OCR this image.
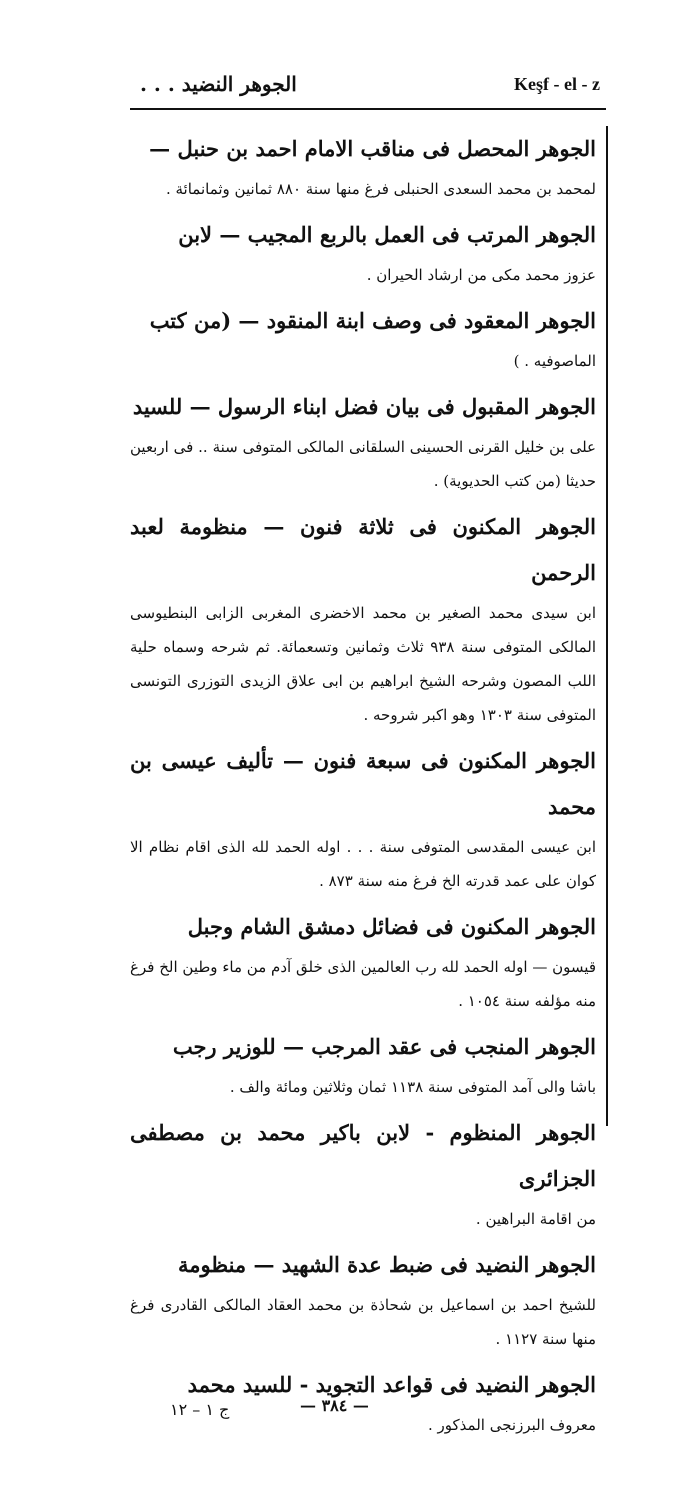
الجوهر النضيد . . .	Keşf - el - z
الجوهر المحصل فى مناقب الامام احمد بن حنبل —
لمحمد بن محمد السعدى الحنبلى فرغ منها سنة ٨٨٠ ثمانين وثمانمائة .
الجوهر المرتب فى العمل بالربع المجيب — لابن
عزوز محمد مكى من ارشاد الحيران .
الجوهر المعقود فى وصف ابنة المنقود — (من كتب
الماصوفيه . )
الجوهر المقبول فى بيان فضل ابناء الرسول — للسيد
على بن خليل القرنى الحسينى السلقانى المالكى المتوفى سنة .. فى اربعين حديثا (من كتب الحديوية) .
الجوهر المكنون فى ثلاثة فنون — منظومة لعبد الرحمن
ابن سيدى محمد الصغير بن محمد الاخضرى المغربى الزابى البنطيوسى المالكى المتوفى سنة ٩٣٨ ثلاث وثمانين وتسعمائة. ثم شرحه وسماه حلية اللب المصون وشرحه الشيخ ابراهيم بن ابى علاق الزيدى التوزرى التونسى المتوفى سنة ١٣٠٣ وهو اكبر شروحه .
الجوهر المكنون فى سبعة فنون — تأليف عيسى بن محمد
ابن عيسى المقدسى المتوفى سنة . . . اوله الحمد لله الذى اقام نظام الا كوان على عمد قدرته الخ فرغ منه سنة ٨٧٣ .
الجوهر المكنون فى فضائل دمشق الشام وجبل
قيسون — اوله الحمد لله رب العالمين الذى خلق آدم من ماء وطين الخ فرغ منه مؤلفه سنة ١٠٥٤ .
الجوهر المنجب فى عقد المرجب — للوزير رجب
باشا والى آمد المتوفى سنة ١١٣٨ ثمان وثلاثين ومائة والف .
الجوهر المنظوم - لابن باكير محمد بن مصطفى الجزائرى
من اقامة البراهين .
الجوهر النضيد فى ضبط عدة الشهيد — منظومة
للشيخ احمد بن اسماعيل بن شحاذة بن محمد العقاد المالكى القادرى فرغ منها سنة ١١٢٧ .
الجوهر النضيد فى قواعد التجويد - للسيد محمد
معروف البرزنجى المذكور .
— ٣٨٤ —
ج ١ – ١٢
